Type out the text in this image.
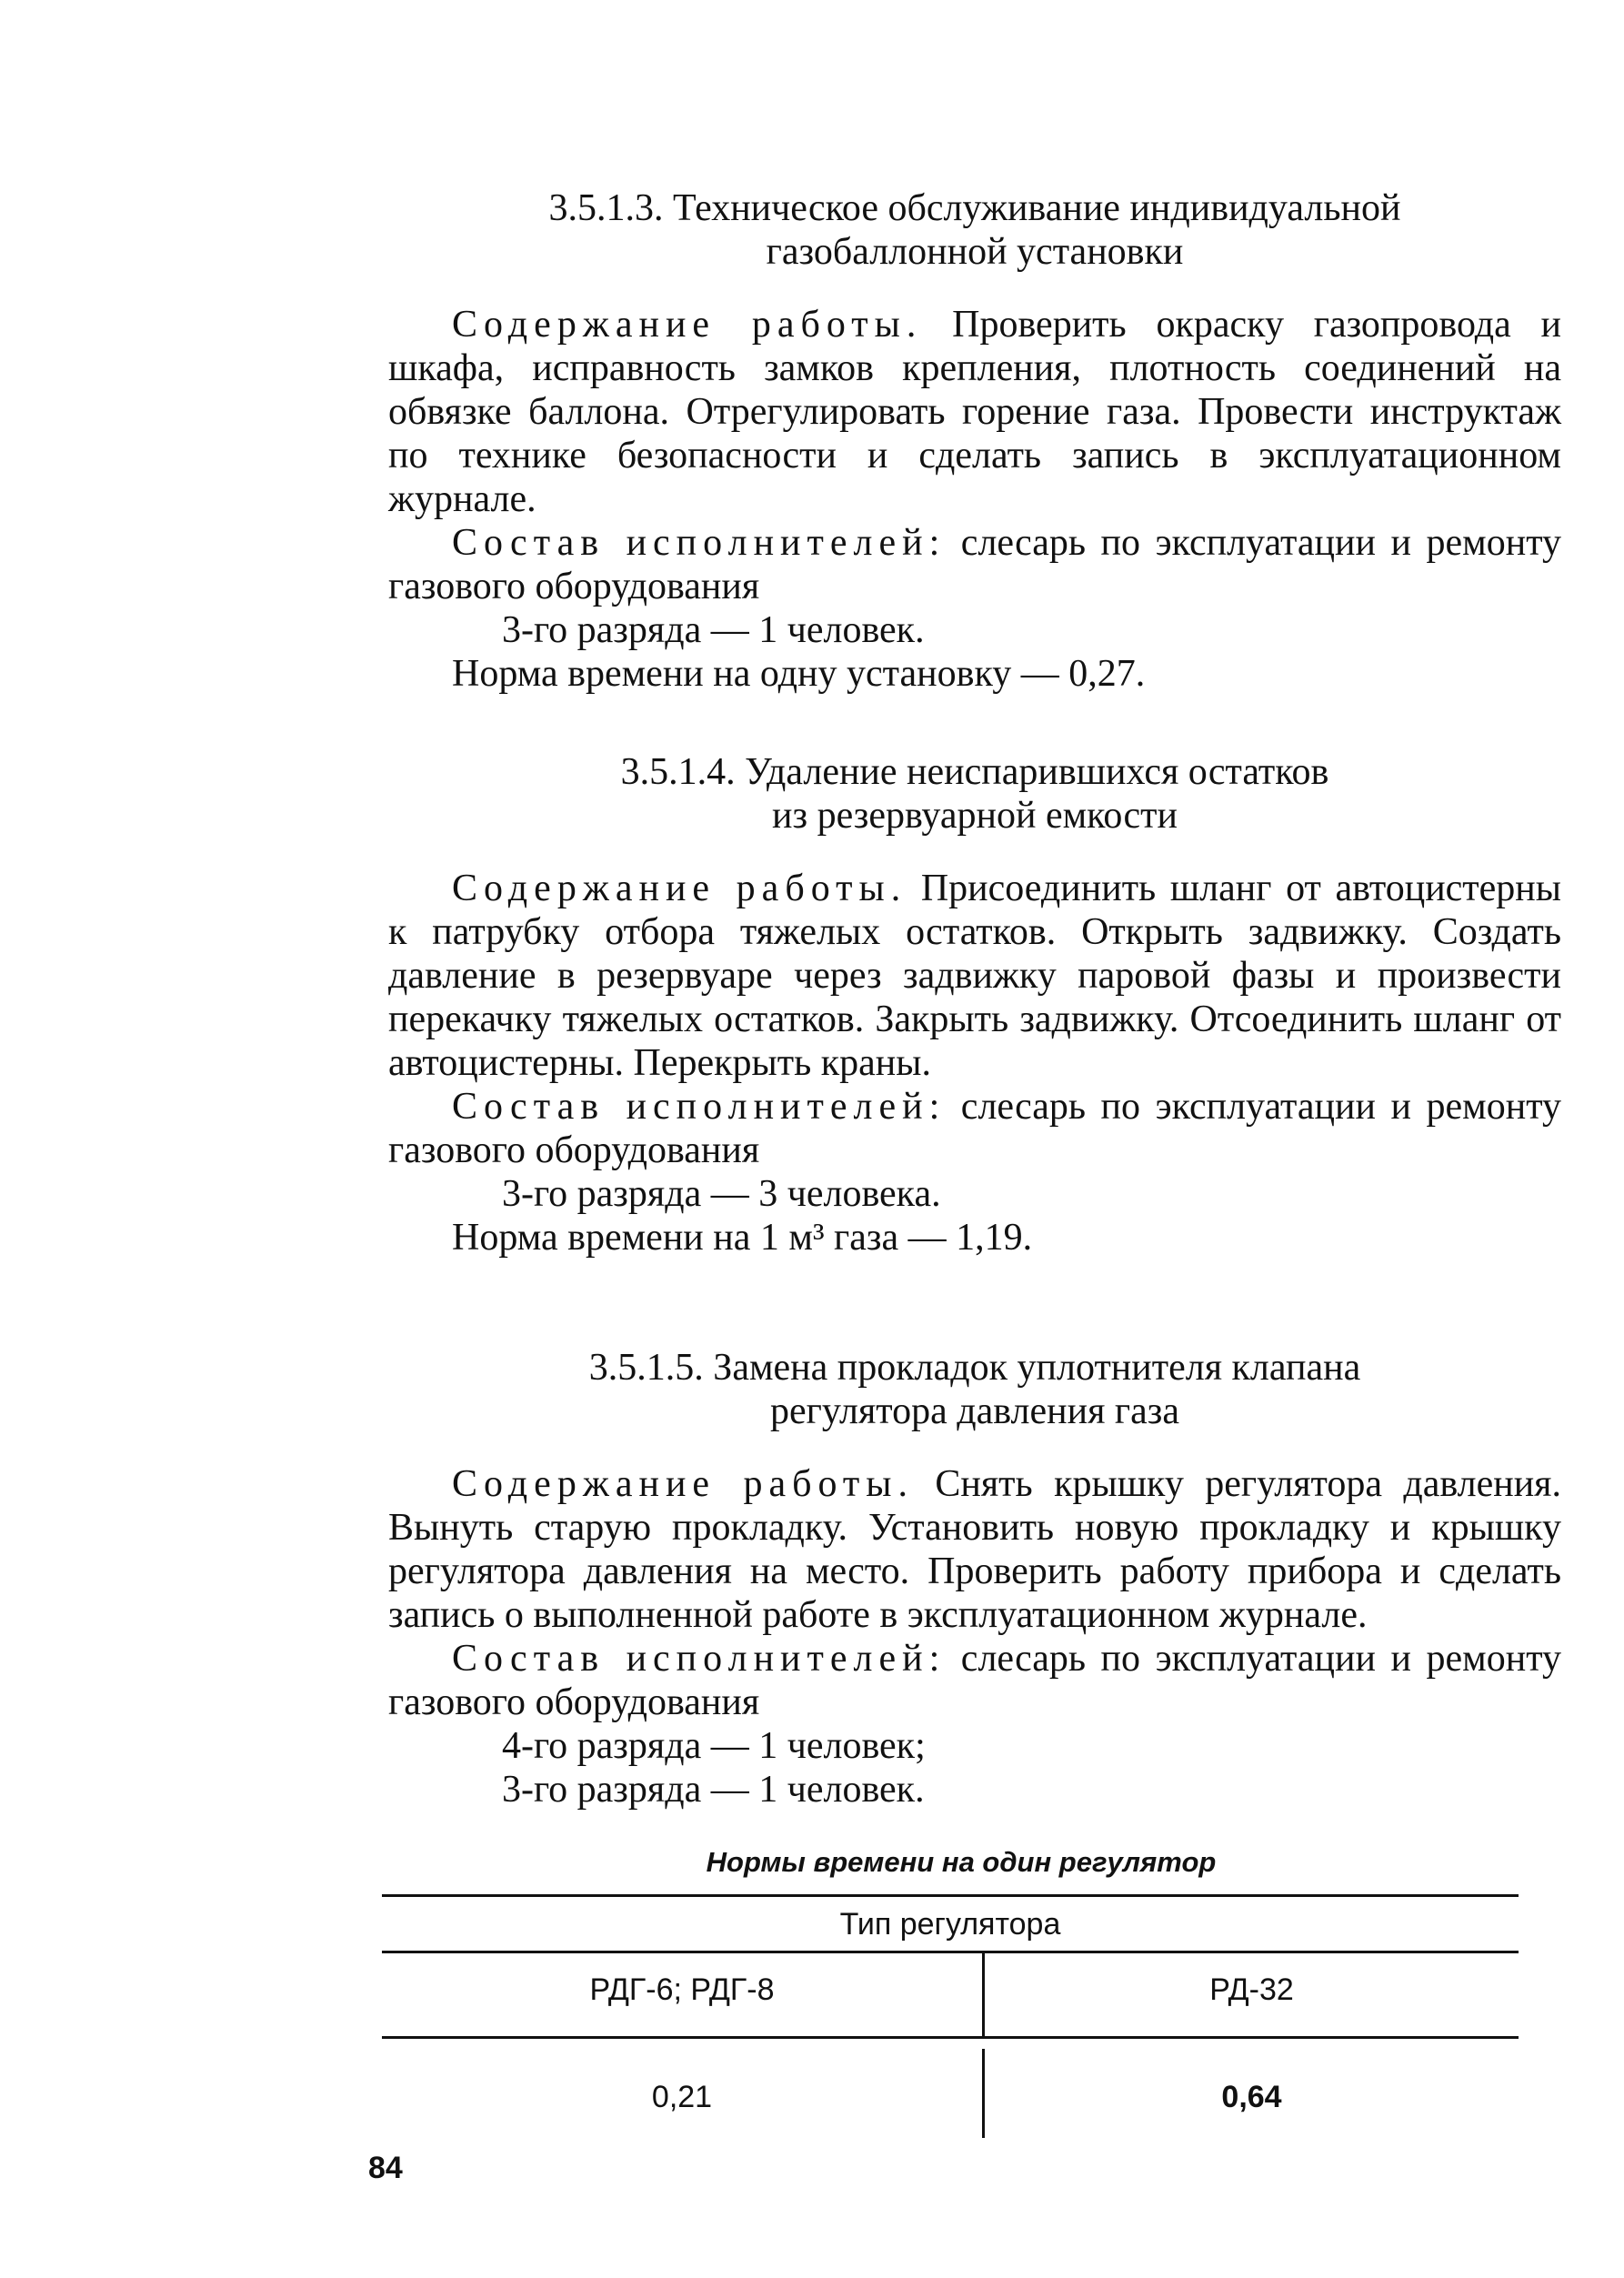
3.5.1.3. Техническое обслуживание индивидуальной

газобаллонной установки

Содержание работы. Проверить окраску газопровода и шкафа, исправность замков крепления, плотность соединений на обвязке баллона. Отрегулировать горение газа. Провести инструктаж по технике безопасности и сделать запись в эксплуатационном журнале.

Состав исполнителей: слесарь по эксплуатации и ремонту газового оборудования

3-го разряда — 1 человек.

Норма времени на одну установку — 0,27.

3.5.1.4. Удаление неиспарившихся остатков

из резервуарной емкости

Содержание работы. Присоединить шланг от автоцистерны к патрубку отбора тяжелых остатков. Открыть задвижку. Создать давление в резервуаре через задвижку паровой фазы и произвести перекачку тяжелых остатков. Закрыть задвижку. Отсоединить шланг от автоцистерны. Перекрыть краны.

Состав исполнителей: слесарь по эксплуатации и ремонту газового оборудования

3-го разряда — 3 человека.

Норма времени на 1 м³ газа — 1,19.

3.5.1.5. Замена прокладок уплотнителя клапана

регулятора давления газа

Содержание работы. Снять крышку регулятора давления. Вынуть старую прокладку. Установить новую прокладку и крышку регулятора давления на место. Проверить работу прибора и сделать запись о выполненной работе в эксплуатационном журнале.

Состав исполнителей: слесарь по эксплуатации и ремонту газового оборудования

4-го разряда — 1 человек;

3-го разряда — 1 человек.

Нормы времени на один регулятор
Тип регулятора
РДГ-6; РДГ-8	РД-32
0,21	0,64
84
